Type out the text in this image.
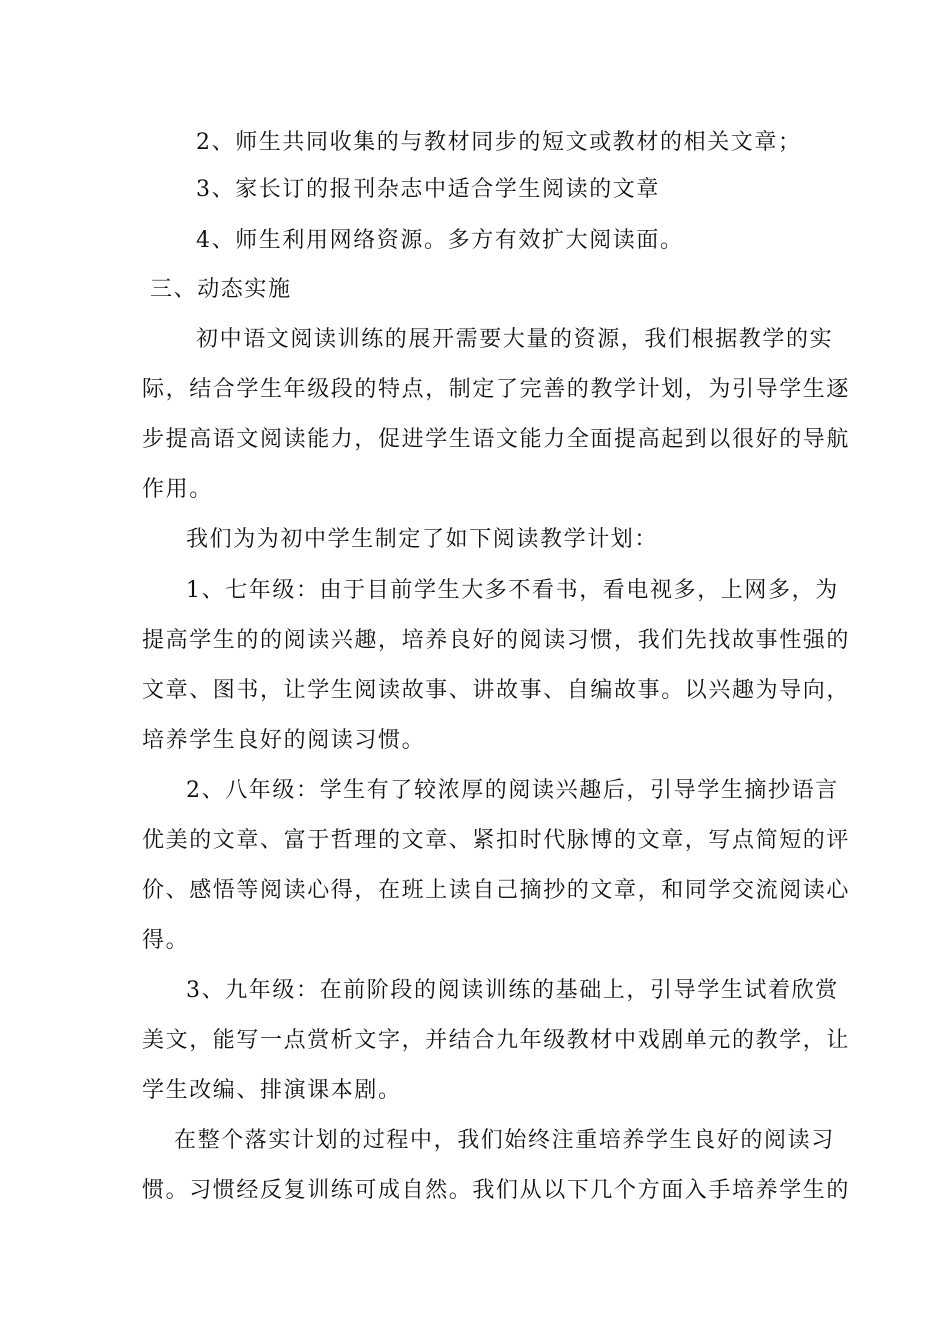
2、师生共同收集的与教材同步的短文或教材的相关文章；
3、家长订的报刊杂志中适合学生阅读的文章
4、师生利用网络资源。多方有效扩大阅读面。
三、动态实施
初中语文阅读训练的展开需要大量的资源，我们根据教学的实
际，结合学生年级段的特点，制定了完善的教学计划，为引导学生逐
步提高语文阅读能力，促进学生语文能力全面提高起到以很好的导航
作用。
我们为为初中学生制定了如下阅读教学计划：
1、七年级：由于目前学生大多不看书，看电视多，上网多，为
提高学生的的阅读兴趣，培养良好的阅读习惯，我们先找故事性强的
文章、图书，让学生阅读故事、讲故事、自编故事。以兴趣为导向，
培养学生良好的阅读习惯。
2、八年级：学生有了较浓厚的阅读兴趣后，引导学生摘抄语言
优美的文章、富于哲理的文章、紧扣时代脉博的文章，写点简短的评
价、感悟等阅读心得，在班上读自己摘抄的文章，和同学交流阅读心
得。
3、九年级：在前阶段的阅读训练的基础上，引导学生试着欣赏
美文，能写一点赏析文字，并结合九年级教材中戏剧单元的教学，让
学生改编、排演课本剧。
在整个落实计划的过程中，我们始终注重培养学生良好的阅读习
惯。习惯经反复训练可成自然。我们从以下几个方面入手培养学生的
